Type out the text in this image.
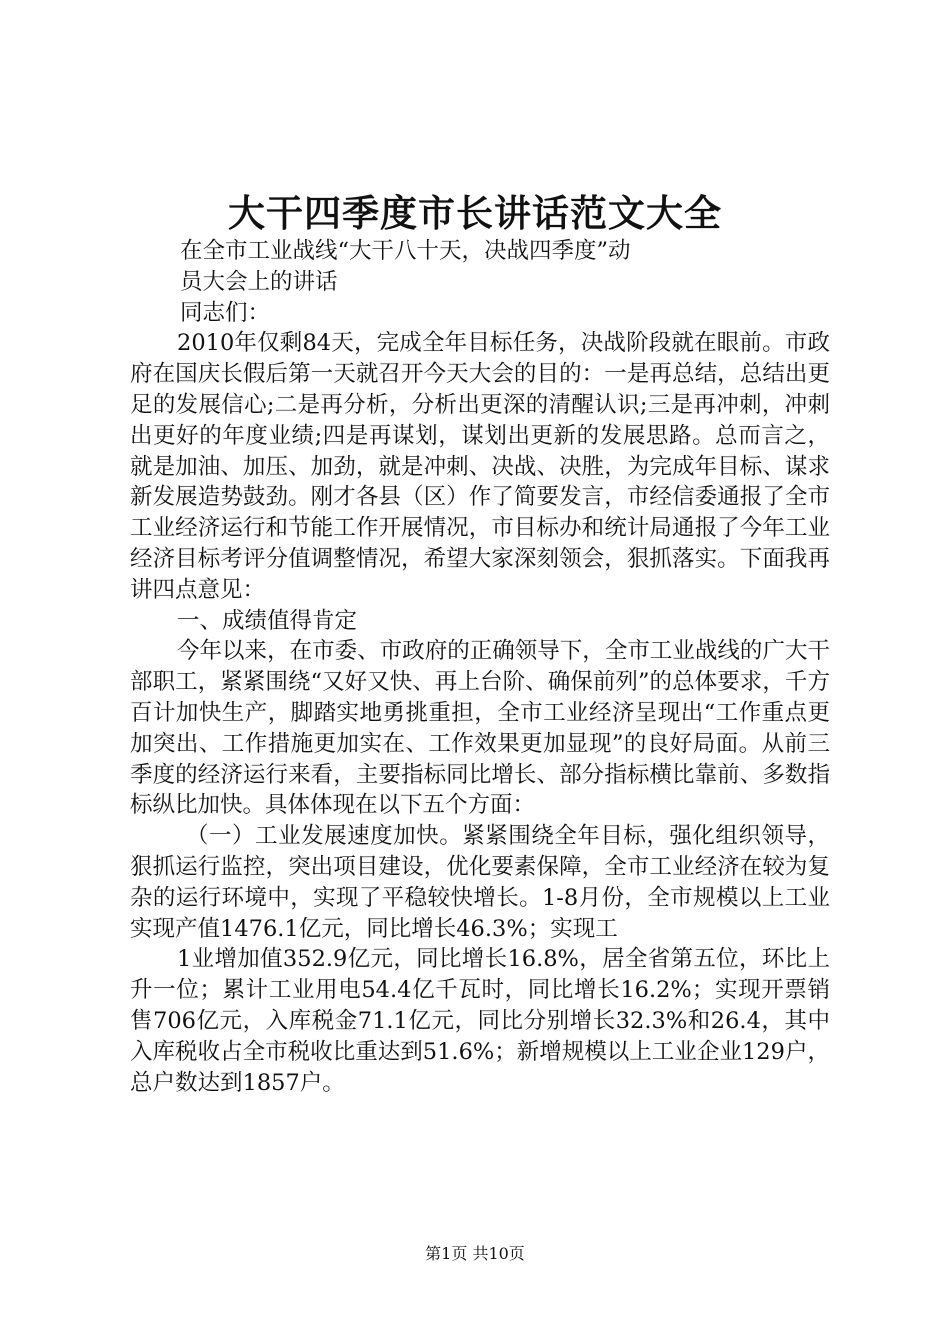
大干四季度市长讲话范文大全

在全市工业战线“大干八十天，决战四季度”动

员大会上的讲话

同志们：

2010年仅剩84天，完成全年目标任务，决战阶段就在眼前。市政府在国庆长假后第一天就召开今天大会的目的：一是再总结，总结出更足的发展信心;二是再分析，分析出更深的清醒认识;三是再冲刺，冲刺出更好的年度业绩;四是再谋划，谋划出更新的发展思路。总而言之，就是加油、加压、加劲，就是冲刺、决战、决胜，为完成年目标、谋求新发展造势鼓劲。刚才各县（区）作了简要发言，市经信委通报了全市工业经济运行和节能工作开展情况，市目标办和统计局通报了今年工业经济目标考评分值调整情况，希望大家深刻领会，狠抓落实。下面我再讲四点意见：

一、成绩值得肯定

今年以来，在市委、市政府的正确领导下，全市工业战线的广大干部职工，紧紧围绕“又好又快、再上台阶、确保前列”的总体要求，千方百计加快生产，脚踏实地勇挑重担，全市工业经济呈现出“工作重点更加突出、工作措施更加实在、工作效果更加显现”的良好局面。从前三季度的经济运行来看，主要指标同比增长、部分指标横比靠前、多数指标纵比加快。具体体现在以下五个方面：

（一）工业发展速度加快。紧紧围绕全年目标，强化组织领导，狠抓运行监控，突出项目建设，优化要素保障，全市工业经济在较为复杂的运行环境中，实现了平稳较快增长。1-8月份，全市规模以上工业实现产值1476.1亿元，同比增长46.3%；实现工

1业增加值352.9亿元，同比增长16.8%，居全省第五位，环比上升一位；累计工业用电54.4亿千瓦时，同比增长16.2%；实现开票销售706亿元，入库税金71.1亿元，同比分别增长32.3%和26.4，其中入库税收占全市税收比重达到51.6%；新增规模以上工业企业129户，总户数达到1857户。

第1页 共10页
